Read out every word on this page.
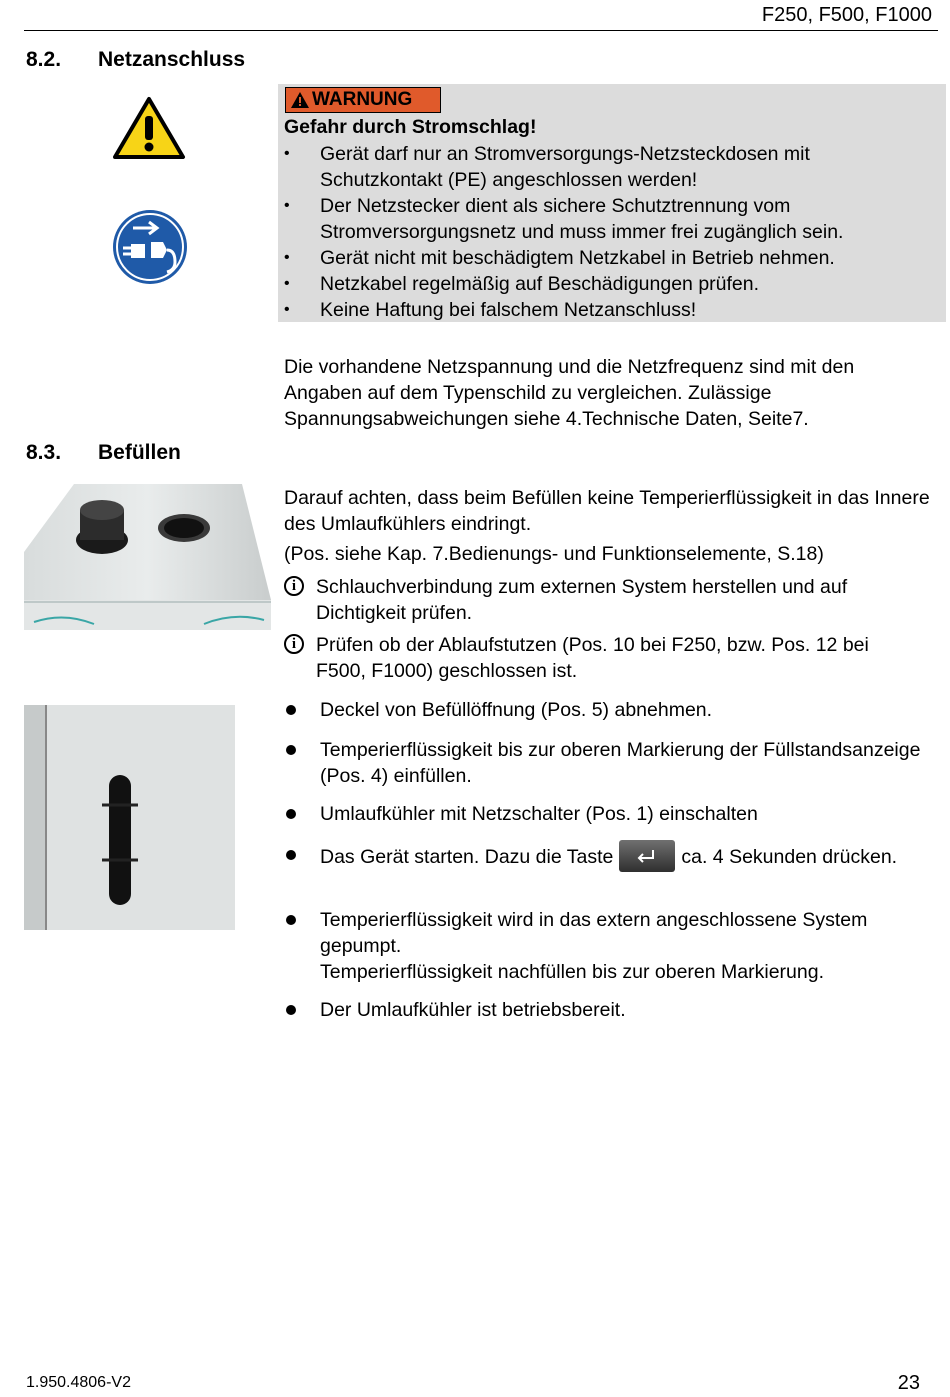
F250, F500, F1000
8.2. Netzanschluss
WARNUNG
Gefahr durch Stromschlag!
• Gerät darf nur an Stromversorgungs-Netzsteckdosen mit Schutzkontakt (PE) angeschlossen werden!
• Der Netzstecker dient als sichere Schutztrennung vom Stromversorgungsnetz und muss immer frei zugänglich sein.
• Gerät nicht mit beschädigtem Netzkabel in Betrieb nehmen.
• Netzkabel regelmäßig auf Beschädigungen prüfen.
• Keine Haftung bei falschem Netzanschluss!
Die vorhandene Netzspannung und die Netzfrequenz sind mit den Angaben auf dem Typenschild zu vergleichen. Zulässige Spannungsabweichungen siehe 4.Technische Daten, Seite7.
8.3. Befüllen
Darauf achten, dass beim Befüllen keine Temperierflüssigkeit in das Innere des Umlaufkühlers eindringt.
(Pos. siehe Kap. 7.Bedienungs- und Funktionselemente, S.18)
i	Schlauchverbindung zum externen System herstellen und auf Dichtigkeit prüfen.
i	Prüfen ob der Ablaufstutzen (Pos. 10 bei F250, bzw. Pos. 12 bei F500, F1000) geschlossen ist.
Deckel von Befüllöffnung (Pos. 5) abnehmen.
Temperierflüssigkeit bis zur oberen Markierung der Füllstandsanzeige (Pos. 4) einfüllen.
Umlaufkühler mit Netzschalter (Pos. 1) einschalten
Das Gerät starten. Dazu die Taste	ca. 4 Sekunden drücken.
Temperierflüssigkeit wird in das extern angeschlossene System gepumpt.
Temperierflüssigkeit nachfüllen bis zur oberen Markierung.
Der Umlaufkühler ist betriebsbereit.
1.950.4806-V2	23
